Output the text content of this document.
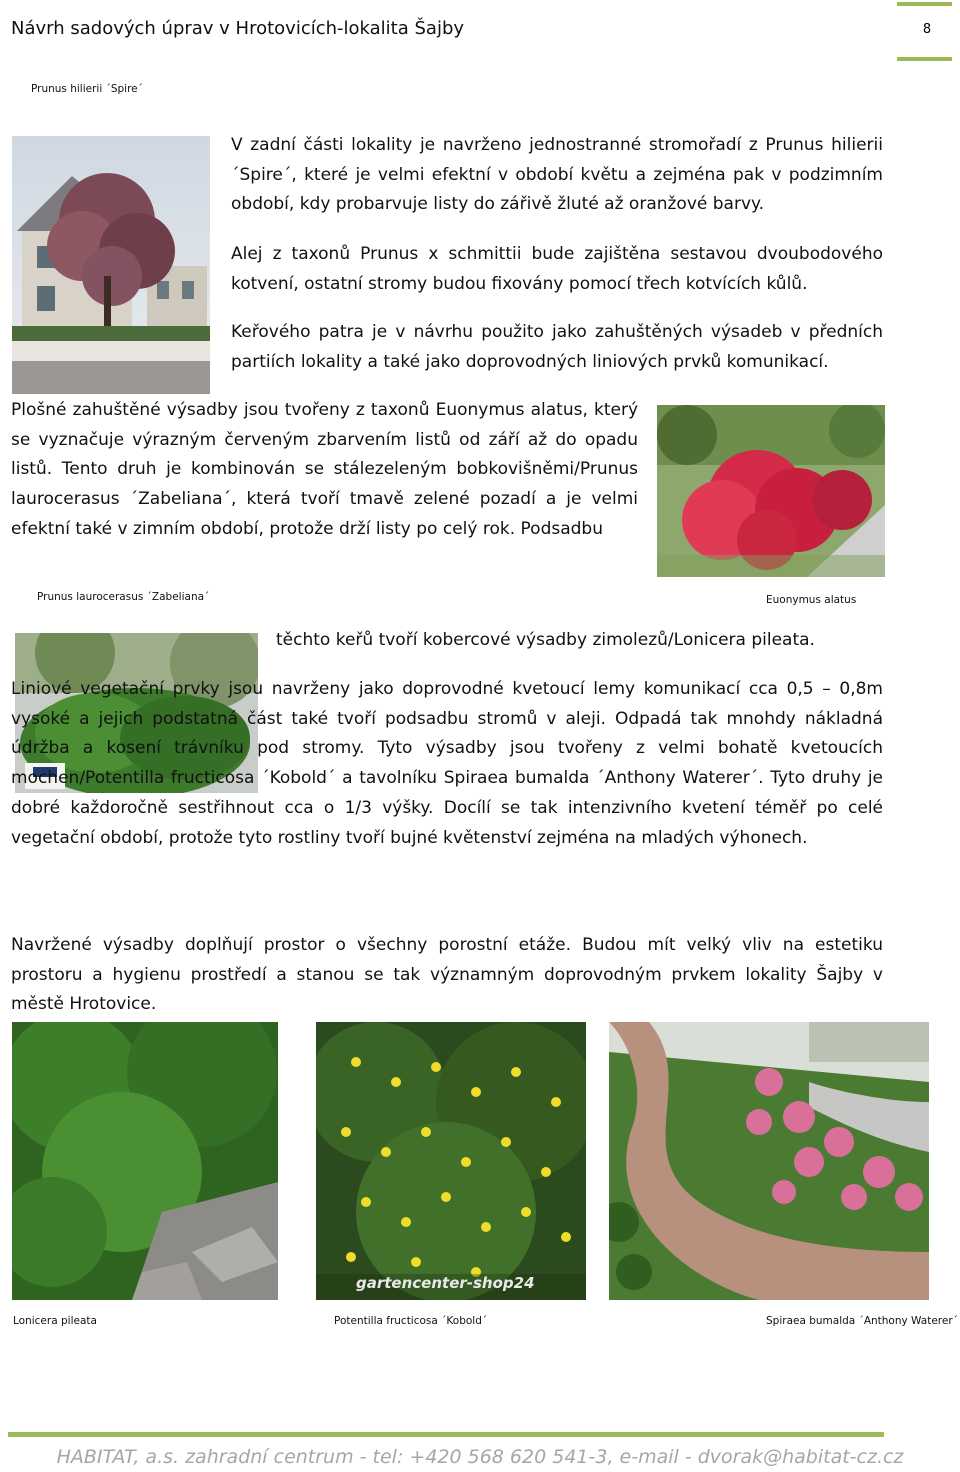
Návrh sadových úprav v Hrotovicích-lokalita Šajby	8
Prunus hilierii ´Spire´

V zadní části lokality je navrženo jednostranné stromořadí z Prunus hilierii ´Spire´, které je velmi efektní v období květu a zejména pak v podzimním období, kdy probarvuje listy do zářivě žluté až oranžové barvy.

Alej z taxonů Prunus x schmittii bude zajištěna sestavou dvoubodového kotvení, ostatní stromy budou fixovány pomocí třech kotvících kůlů.

Keřového patra je v návrhu použito jako zahuštěných výsadeb v předních partiích lokality a také jako doprovodných liniových prvků komunikací.

Plošné zahuštěné výsadby jsou tvořeny z taxonů Euonymus alatus, který se vyznačuje výrazným červeným zbarvením listů od září až do opadu listů. Tento druh je kombinován se stálezeleným bobkovišněmi/Prunus laurocerasus ´Zabeliana´, která tvoří tmavě zelené pozadí a je velmi efektní také v zimním období, protože drží listy po celý rok. Podsadbu

Prunus laurocerasus ´Zabeliana´	Euonymus alatus

těchto keřů tvoří kobercové výsadby zimolezů/Lonicera pileata.

Liniové vegetační prvky jsou navrženy jako doprovodné kvetoucí lemy komunikací cca 0,5 – 0,8m vysoké a jejich podstatná část také tvoří podsadbu stromů v aleji. Odpadá tak mnohdy nákladná údržba a kosení trávníku pod stromy. Tyto výsadby jsou tvořeny z velmi bohatě kvetoucích mochen/Potentilla fructicosa ´Kobold´ a tavolníku Spiraea bumalda ´Anthony Waterer´. Tyto druhy je dobré každoročně sestřihnout cca o 1/3 výšky. Docílí se tak intenzivního kvetení téměř po celé vegetační období, protože tyto rostliny tvoří bujné květenství zejména na mladých výhonech.

Navržené výsadby doplňují prostor o všechny porostní etáže. Budou mít velký vliv na estetiku prostoru a hygienu prostředí a stanou se tak významným doprovodným prvkem lokality Šajby v městě Hrotovice.

gartencenter-shop24
Lonicera pileata	Potentilla fructicosa ´Kobold´	Spiraea bumalda ´Anthony Waterer´
HABITAT, a.s. zahradní centrum - tel: +420 568 620 541-3, e-mail - dvorak@habitat-cz.cz
